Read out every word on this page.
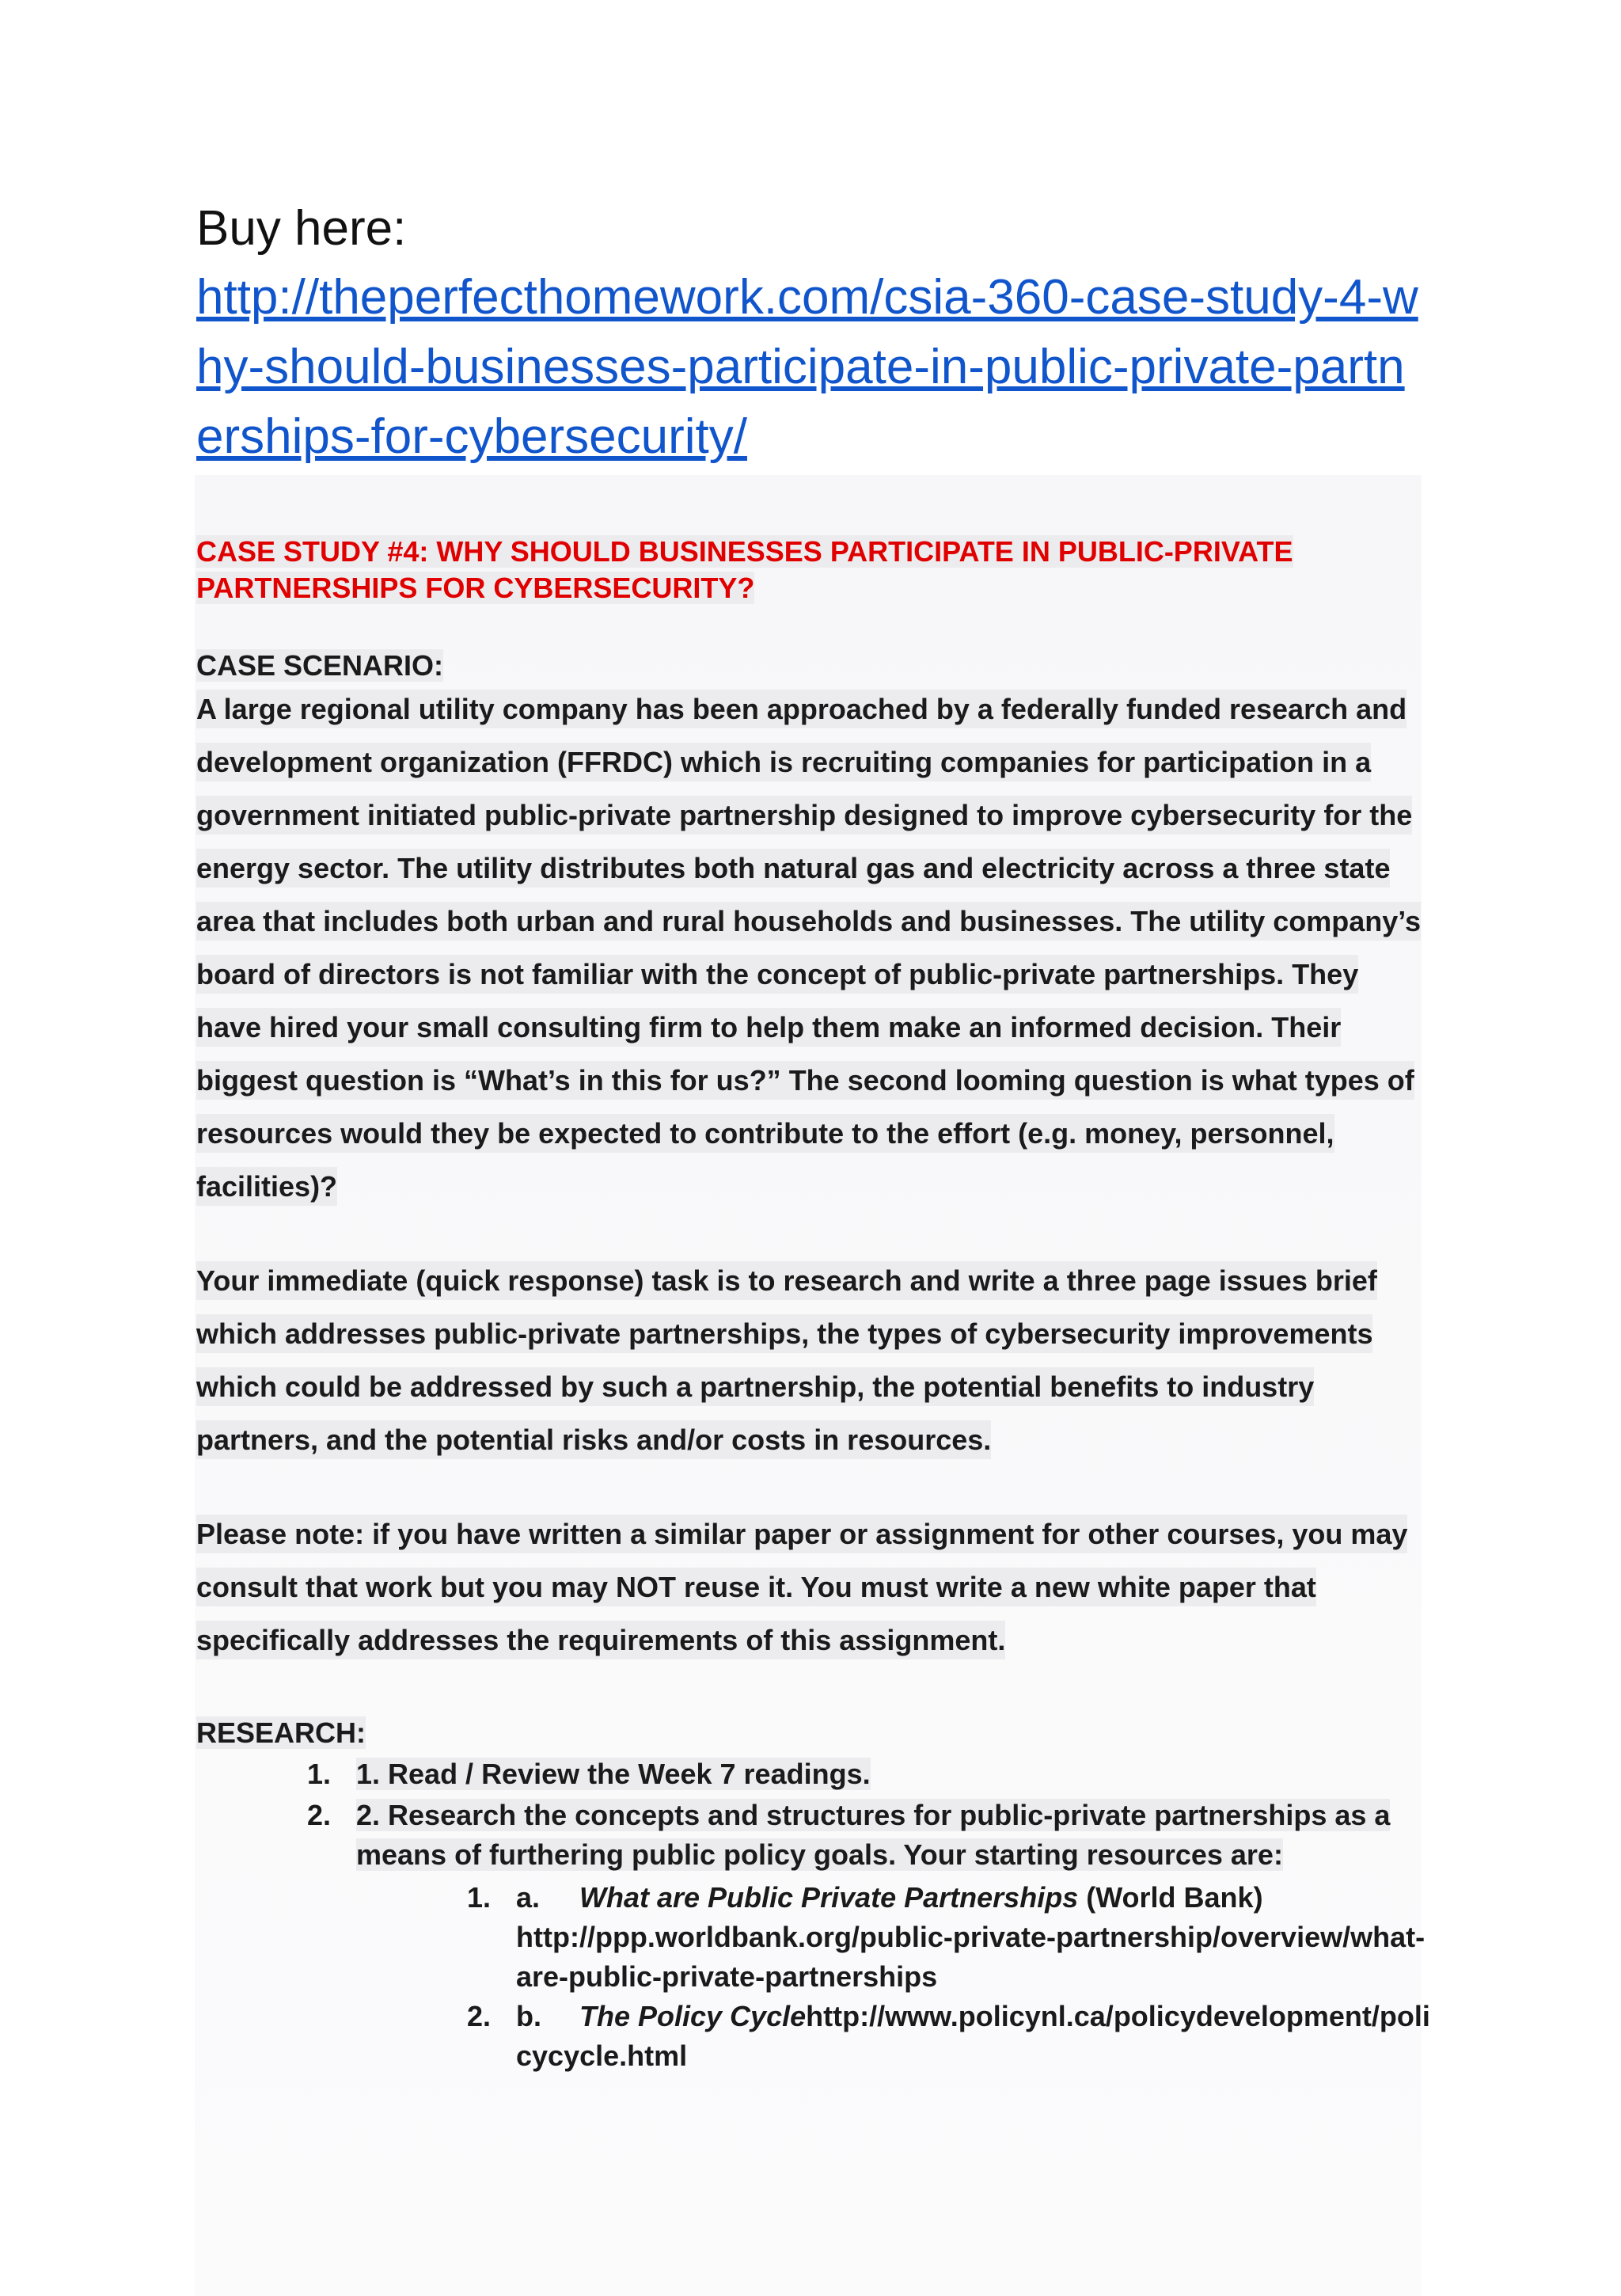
Buy here:
http://theperfecthomework.com/csia-360-case-study-4-why-should-businesses-participate-in-public-private-partnerships-for-cybersecurity/
CASE STUDY #4: WHY SHOULD BUSINESSES PARTICIPATE IN PUBLIC-PRIVATE PARTNERSHIPS FOR CYBERSECURITY?
CASE SCENARIO:
A large regional utility company has been approached by a federally funded research and development organization (FFRDC) which is recruiting companies for participation in a government initiated public-private partnership designed to improve cybersecurity for the energy sector. The utility distributes both natural gas and electricity across a three state area that includes both urban and rural households and businesses. The utility company’s board of directors is not familiar with the concept of public-private partnerships. They have hired your small consulting firm to help them make an informed decision. Their biggest question is “What’s in this for us?” The second looming question is what types of resources would they be expected to contribute to the effort (e.g. money, personnel, facilities)?
Your immediate (quick response) task is to research and write a three page issues brief which addresses public-private partnerships, the types of cybersecurity improvements which could be addressed by such a partnership, the potential benefits to industry partners, and the potential risks and/or costs in resources.
Please note: if you have written a similar paper or assignment for other courses, you may consult that work but you may NOT reuse it. You must write a new white paper that specifically addresses the requirements of this assignment.
RESEARCH:
1. 1. Read / Review the Week 7 readings.
2. 2. Research the concepts and structures for public-private partnerships as a means of furthering public policy goals. Your starting resources are:
1. a. What are Public Private Partnerships (World Bank)
http://ppp.worldbank.org/public-private-partnership/overview/what-are-public-private-partnerships
2. b. The Policy Cyclehttp://www.policynl.ca/policydevelopment/policycycle.html
